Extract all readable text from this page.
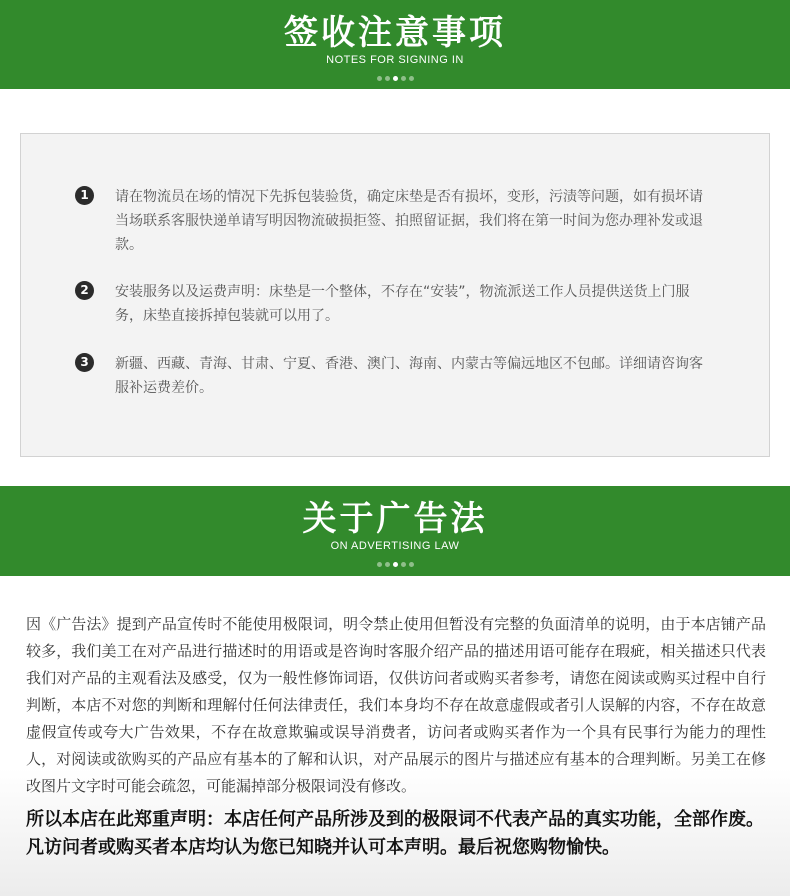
签收注意事项
NOTES FOR SIGNING IN
1	请在物流员在场的情况下先拆包装验货，确定床垫是否有损坏，变形，污渍等问题，如有损坏请当场联系客服快递单请写明因物流破损拒签、拍照留证据，我们将在第一时间为您办理补发或退款。
2	安装服务以及运费声明：床垫是一个整体，不存在“安装”，物流派送工作人员提供送货上门服务，床垫直接拆掉包装就可以用了。
3	新疆、西藏、青海、甘肃、宁夏、香港、澳门、海南、内蒙古等偏远地区不包邮。详细请咨询客服补运费差价。
关于广告法
ON ADVERTISING LAW

因《广告法》提到产品宣传时不能使用极限词，明令禁止使用但暂没有完整的负面清单的说明，由于本店铺产品较多，我们美工在对产品进行描述时的用语或是咨询时客服介绍产品的描述用语可能存在瑕疵，相关描述只代表我们对产品的主观看法及感受，仅为一般性修饰词语，仅供访问者或购买者参考，请您在阅读或购买过程中自行判断，本店不对您的判断和理解付任何法律责任，我们本身均不存在故意虚假或者引人误解的内容，不存在故意虚假宣传或夸大广告效果，不存在故意欺骗或误导消费者，访问者或购买者作为一个具有民事行为能力的理性人，对阅读或欲购买的产品应有基本的了解和认识，对产品展示的图片与描述应有基本的合理判断。另美工在修改图片文字时可能会疏忽，可能漏掉部分极限词没有修改。

所以本店在此郑重声明：本店任何产品所涉及到的极限词不代表产品的真实功能，全部作废。凡访问者或购买者本店均认为您已知晓并认可本声明。最后祝您购物愉快。
